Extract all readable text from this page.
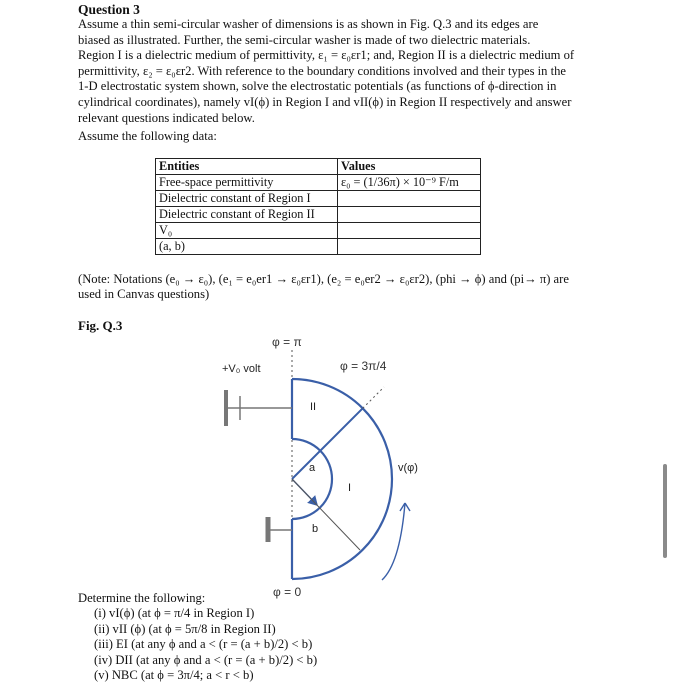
Question 3
Assume a thin semi-circular washer of dimensions is as shown in Fig. Q.3 and its edges are
biased as illustrated. Further, the semi-circular washer is made of two dielectric materials.
Region I is a dielectric medium of permittivity, ε₁ = ε₀εr1; and, Region II is a dielectric medium of
permittivity, ε₂ = ε₀εr2. With reference to the boundary conditions involved and their types in the
1-D electrostatic system shown, solve the electrostatic potentials (as functions of ϕ-direction in
cylindrical coordinates), namely vI(ϕ) in Region I and vII(ϕ) in Region II respectively and answer
relevant questions indicated below.
Assume the following data:
Entities	Values
Free-space permittivity	ε₀ = (1/36π) × 10⁻⁹ F/m
Dielectric constant of Region I	
Dielectric constant of Region II	
V₀	
(a, b)	
(Note: Notations (e₀ → ε₀), (e₁ = e₀er1 → ε₀εr1), (e₂ = e₀er2 → ε₀εr2), (phi → ϕ) and (pi→ π) are
used in Canvas questions)
Fig. Q.3
φ = π
+V₀ volt	φ = 3π/4
II
a
I
b
v(φ)
φ = 0
Determine the following:
(i) vI(ϕ) (at ϕ = π/4 in Region I)
(ii) vII (ϕ) (at ϕ = 5π/8 in Region II)
(iii) EI (at any ϕ and a < (r = (a + b)/2) < b)
(iv) DII (at any ϕ and a < (r = (a + b)/2) < b)
(v) NBC (at ϕ = 3π/4; a < r < b)
